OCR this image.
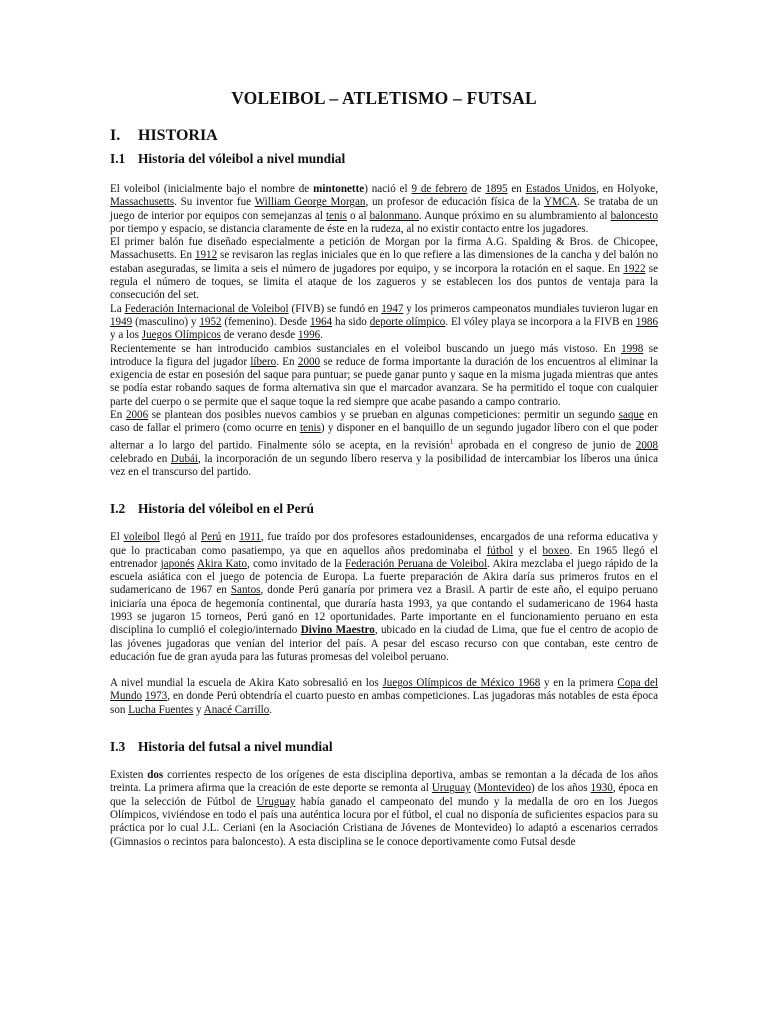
VOLEIBOL – ATLETISMO – FUTSAL
I. HISTORIA
I.1 Historia del vóleibol a nivel mundial

El voleibol (inicialmente bajo el nombre de mintonette) nació el 9 de febrero de 1895 en Estados Unidos, en Holyoke, Massachusetts. Su inventor fue William George Morgan, un profesor de educación física de la YMCA. Se trataba de un juego de interior por equipos con semejanzas al tenis o al balonmano. Aunque próximo en su alumbramiento al baloncesto por tiempo y espacio, se distancia claramente de éste en la rudeza, al no existir contacto entre los jugadores.

El primer balón fue diseñado especialmente a petición de Morgan por la firma A.G. Spalding & Bros. de Chicopee, Massachusetts. En 1912 se revisaron las reglas iniciales que en lo que refiere a las dimensiones de la cancha y del balón no estaban aseguradas, se limita a seis el número de jugadores por equipo, y se incorpora la rotación en el saque. En 1922 se regula el número de toques, se limita el ataque de los zagueros y se establecen los dos puntos de ventaja para la consecución del set.

La Federación Internacional de Voleibol (FIVB) se fundó en 1947 y los primeros campeonatos mundiales tuvieron lugar en 1949 (masculino) y 1952 (femenino). Desde 1964 ha sido deporte olímpico. El vóley playa se incorpora a la FIVB en 1986 y a los Juegos Olímpicos de verano desde 1996.

Recientemente se han introducido cambios sustanciales en el voleibol buscando un juego más vistoso. En 1998 se introduce la figura del jugador líbero. En 2000 se reduce de forma importante la duración de los encuentros al eliminar la exigencia de estar en posesión del saque para puntuar; se puede ganar punto y saque en la misma jugada mientras que antes se podía estar robando saques de forma alternativa sin que el marcador avanzara. Se ha permitido el toque con cualquier parte del cuerpo o se permite que el saque toque la red siempre que acabe pasando a campo contrario.

En 2006 se plantean dos posibles nuevos cambios y se prueban en algunas competiciones: permitir un segundo saque en caso de fallar el primero (como ocurre en tenis) y disponer en el banquillo de un segundo jugador líbero con el que poder alternar a lo largo del partido. Finalmente sólo se acepta, en la revisión$^1$ aprobada en el congreso de junio de 2008 celebrado en Dubái, la incorporación de un segundo líbero reserva y la posibilidad de intercambiar los líberos una única vez en el transcurso del partido.

I.2 Historia del vóleibol en el Perú

El voleibol llegó al Perú en 1911, fue traído por dos profesores estadounidenses, encargados de una reforma educativa y que lo practicaban como pasatiempo, ya que en aquellos años predominaba el fútbol y el boxeo. En 1965 llegó el entrenador japonés Akira Kato, como invitado de la Federación Peruana de Voleibol. Akira mezclaba el juego rápido de la escuela asiática con el juego de potencia de Europa. La fuerte preparación de Akira daría sus primeros frutos en el sudamericano de 1967 en Santos, donde Perú ganaría por primera vez a Brasil. A partir de este año, el equipo peruano iniciaría una época de hegemonía continental, que duraría hasta 1993, ya que contando el sudamericano de 1964 hasta 1993 se jugaron 15 torneos, Perú ganó en 12 oportunidades. Parte importante en el funcionamiento peruano en esta disciplina lo cumplió el colegio/internado Divino Maestro, ubicado en la ciudad de Lima, que fue el centro de acopio de las jóvenes jugadoras que venían del interior del país. A pesar del escaso recurso con que contaban, este centro de educación fue de gran ayuda para las futuras promesas del voleibol peruano.

A nivel mundial la escuela de Akira Kato sobresalió en los Juegos Olímpicos de México 1968 y en la primera Copa del Mundo 1973, en donde Perú obtendría el cuarto puesto en ambas competiciones. Las jugadoras más notables de esta época son Lucha Fuentes y Anacé Carrillo.

I.3 Historia del futsal a nivel mundial

Existen dos corrientes respecto de los orígenes de esta disciplina deportiva, ambas se remontan a la década de los años treinta. La primera afirma que la creación de este deporte se remonta al Uruguay (Montevideo) de los años 1930, época en que la selección de Fútbol de Uruguay había ganado el campeonato del mundo y la medalla de oro en los Juegos Olímpicos, viviéndose en todo el país una auténtica locura por el fútbol, el cual no disponía de suficientes espacios para su práctica por lo cual J.L. Ceriani (en la Asociación Cristiana de Jóvenes de Montevideo) lo adaptó a escenarios cerrados (Gimnasios o recintos para baloncesto). A esta disciplina se le conoce deportivamente como Futsal desde
